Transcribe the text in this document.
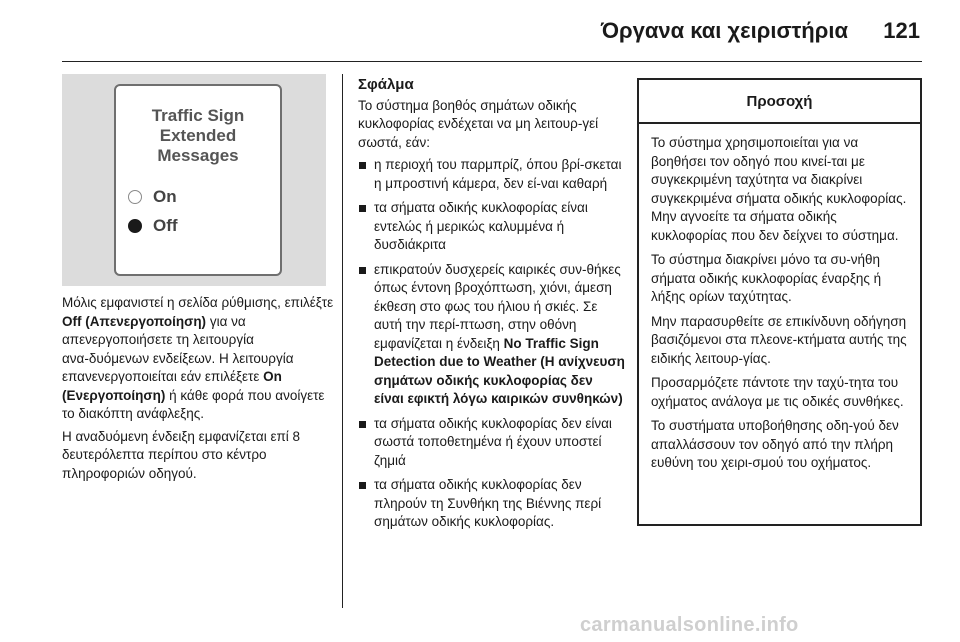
Όργανα και χειριστήρια 121
Traffic Sign
Extended
Messages
On
Off

Μόλις εμφανιστεί η σελίδα ρύθμισης, επιλέξτε Off (Απενεργοποίηση) για να απενεργοποιήσετε τη λειτουργία ανα‑δυόμενων ενδείξεων. Η λειτουργία επανενεργοποιείται εάν επιλέξετε On (Ενεργοποίηση) ή κάθε φορά που ανοίγετε το διακόπτη ανάφλεξης.

Η αναδυόμενη ένδειξη εμφανίζεται επί 8 δευτερόλεπτα περίπου στο κέντρο πληροφοριών οδηγού.

Σφάλμα

Το σύστημα βοηθός σημάτων οδικής κυκλοφορίας ενδέχεται να μη λειτουρ‑γεί σωστά, εάν:

η περιοχή του παρμπρίζ, όπου βρί‑σκεται η μπροστινή κάμερα, δεν εί‑ναι καθαρή
τα σήματα οδικής κυκλοφορίας είναι εντελώς ή μερικώς καλυμμένα ή δυσδιάκριτα
επικρατούν δυσχερείς καιρικές συν‑θήκες όπως έντονη βροχόπτωση, χιόνι, άμεση έκθεση στο φως του ήλιου ή σκιές. Σε αυτή την περί‑πτωση, στην οθόνη εμφανίζεται η ένδειξη No Traffic Sign Detection due to Weather (Η ανίχνευση σημάτων οδικής κυκλοφορίας δεν είναι εφικτή λόγω καιρικών συνθηκών)
τα σήματα οδικής κυκλοφορίας δεν είναι σωστά τοποθετημένα ή έχουν υποστεί ζημιά
τα σήματα οδικής κυκλοφορίας δεν πληρούν τη Συνθήκη της Βιέννης περί σημάτων οδικής κυκλοφορίας.
Προσοχή

Το σύστημα χρησιμοποιείται για να βοηθήσει τον οδηγό που κινεί‑ται με συγκεκριμένη ταχύτητα να διακρίνει συγκεκριμένα σήματα οδικής κυκλοφορίας. Μην αγνοείτε τα σήματα οδικής κυκλοφορίας που δεν δείχνει το σύστημα.

Το σύστημα διακρίνει μόνο τα συ‑νήθη σήματα οδικής κυκλοφορίας έναρξης ή λήξης ορίων ταχύτητας.

Μην παρασυρθείτε σε επικίνδυνη οδήγηση βασιζόμενοι στα πλεονε‑κτήματα αυτής της ειδικής λειτουρ‑γίας.

Προσαρμόζετε πάντοτε την ταχύ‑τητα του οχήματος ανάλογα με τις οδικές συνθήκες.

Το συστήματα υποβοήθησης οδη‑γού δεν απαλλάσσουν τον οδηγό από την πλήρη ευθύνη του χειρι‑σμού του οχήματος.

carmanualsonline.info
